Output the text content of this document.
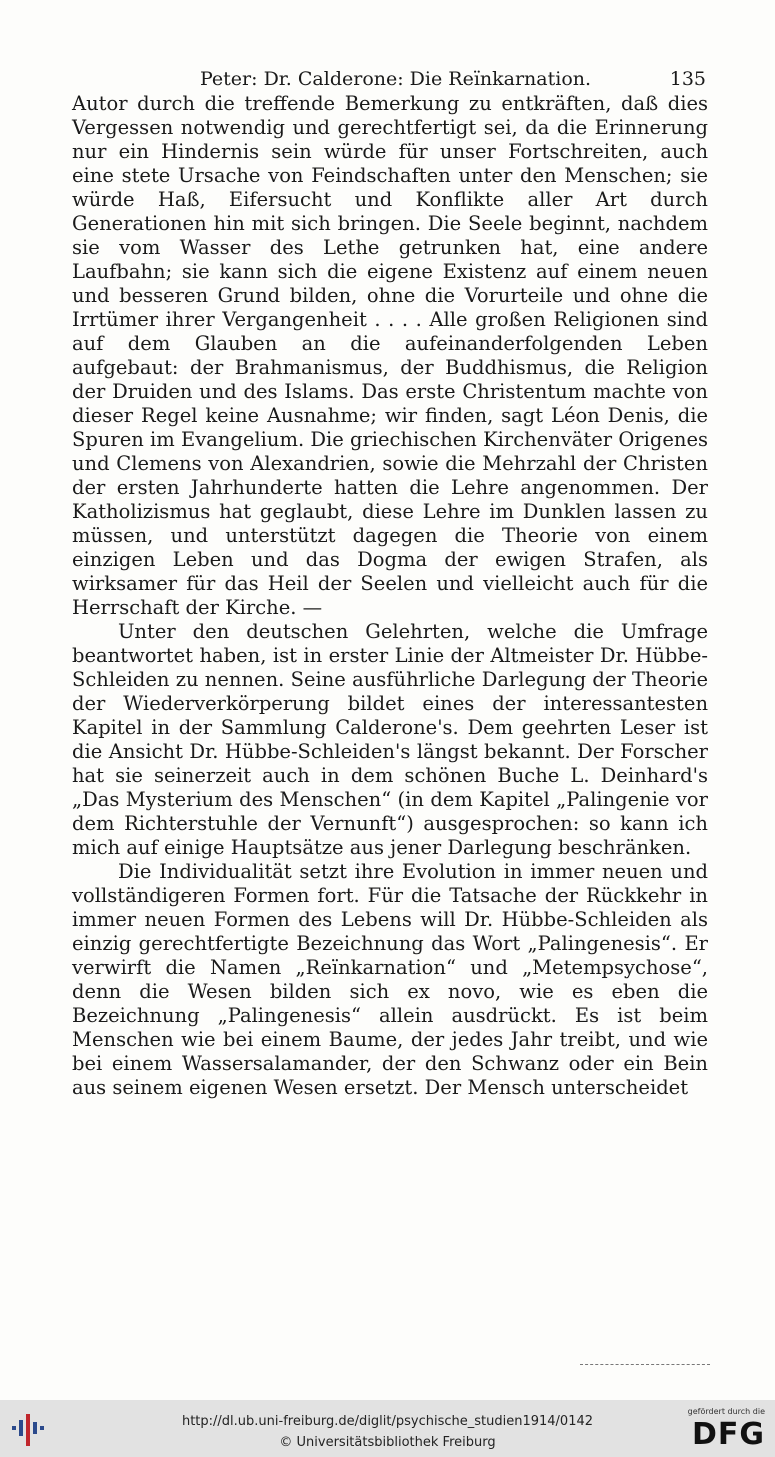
Peter: Dr. Calderone: Die Reïnkarnation.	135

Autor durch die treffende Bemerkung zu entkräften, daß dies Vergessen notwendig und gerechtfertigt sei, da die Erinnerung nur ein Hindernis sein würde für unser Fortschreiten, auch eine stete Ursache von Feindschaften unter den Menschen; sie würde Haß, Eifersucht und Konflikte aller Art durch Generationen hin mit sich bringen. Die Seele beginnt, nachdem sie vom Wasser des Lethe getrunken hat, eine andere Laufbahn; sie kann sich die eigene Existenz auf einem neuen und besseren Grund bilden, ohne die Vorurteile und ohne die Irrtümer ihrer Vergangenheit . . . . Alle großen Religionen sind auf dem Glauben an die aufeinanderfolgenden Leben aufgebaut: der Brahmanismus, der Buddhismus, die Religion der Druiden und des Islams. Das erste Christentum machte von dieser Regel keine Ausnahme; wir finden, sagt Léon Denis, die Spuren im Evangelium. Die griechischen Kirchenväter Origenes und Clemens von Alexandrien, sowie die Mehrzahl der Christen der ersten Jahrhunderte hatten die Lehre angenommen. Der Katholizismus hat geglaubt, diese Lehre im Dunklen lassen zu müssen, und unterstützt dagegen die Theorie von einem einzigen Leben und das Dogma der ewigen Strafen, als wirksamer für das Heil der Seelen und vielleicht auch für die Herrschaft der Kirche. —

Unter den deutschen Gelehrten, welche die Umfrage beantwortet haben, ist in erster Linie der Altmeister Dr. Hübbe-Schleiden zu nennen. Seine ausführliche Darlegung der Theorie der Wiederverkörperung bildet eines der interessantesten Kapitel in der Sammlung Calderone's. Dem geehrten Leser ist die Ansicht Dr. Hübbe-Schleiden's längst bekannt. Der Forscher hat sie seinerzeit auch in dem schönen Buche L. Deinhard's „Das Mysterium des Menschen“ (in dem Kapitel „Palingenie vor dem Richterstuhle der Vernunft“) ausgesprochen: so kann ich mich auf einige Hauptsätze aus jener Darlegung beschränken.

Die Individualität setzt ihre Evolution in immer neuen und vollständigeren Formen fort. Für die Tatsache der Rückkehr in immer neuen Formen des Lebens will Dr. Hübbe-Schleiden als einzig gerechtfertigte Bezeichnung das Wort „Palingenesis“. Er verwirft die Namen „Reïnkarnation“ und „Metempsychose“, denn die Wesen bilden sich ex novo, wie es eben die Bezeichnung „Palingenesis“ allein ausdrückt. Es ist beim Menschen wie bei einem Baume, der jedes Jahr treibt, und wie bei einem Wassersalamander, der den Schwanz oder ein Bein aus seinem eigenen Wesen ersetzt. Der Mensch unterscheidet

http://dl.ub.uni-freiburg.de/diglit/psychische_studien1914/0142
© Universitätsbibliothek Freiburg
gefördert durch die
DFG
